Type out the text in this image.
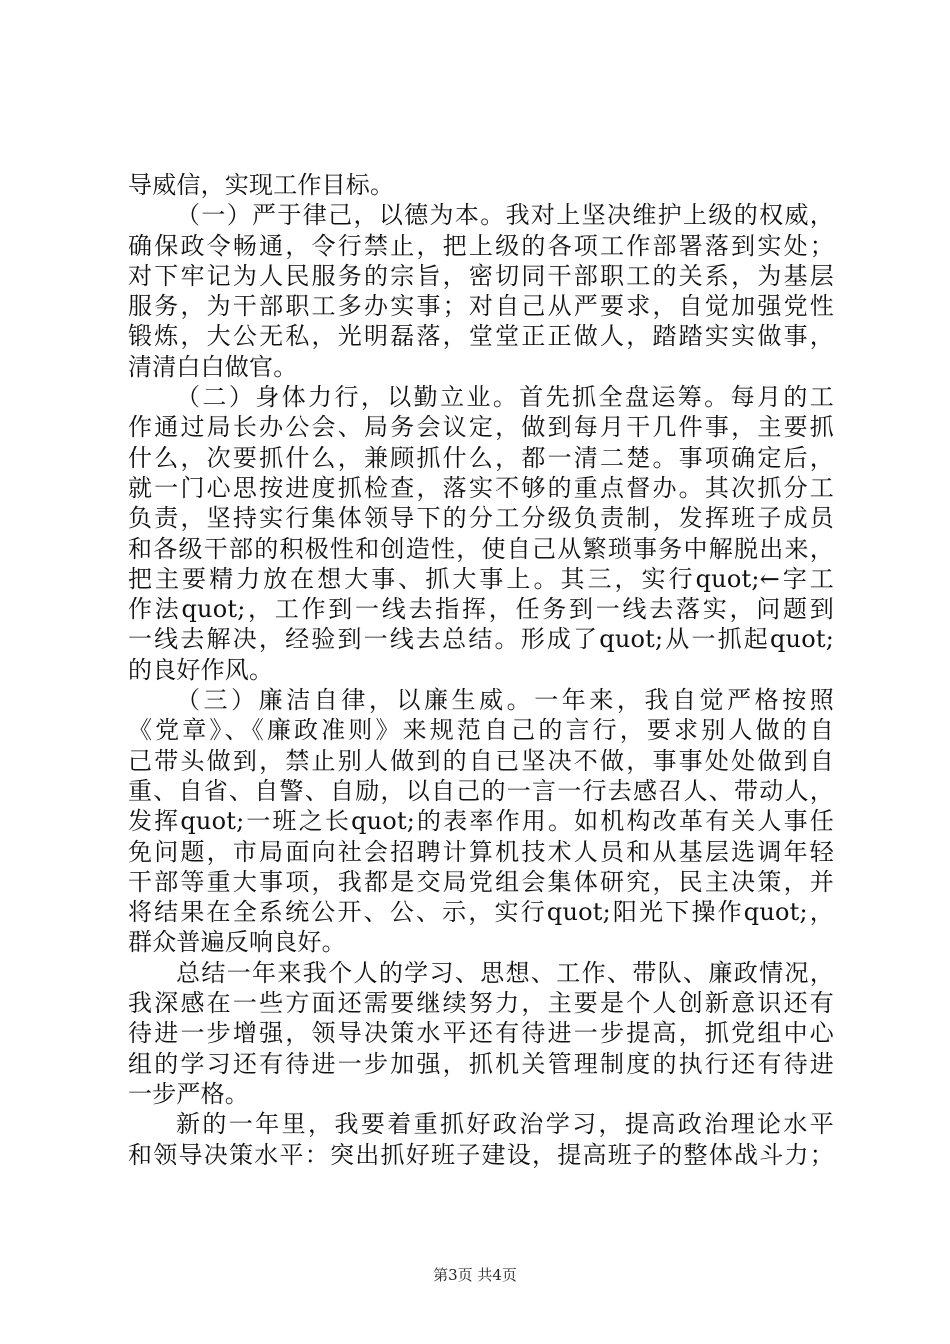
导威信，实现工作目标。
（一）严于律己，以德为本。我对上坚决维护上级的权威，
确保政令畅通，令行禁止，把上级的各项工作部署落到实处；
对下牢记为人民服务的宗旨，密切同干部职工的关系，为基层
服务，为干部职工多办实事；对自己从严要求，自觉加强党性
锻炼，大公无私，光明磊落，堂堂正正做人，踏踏实实做事，
清清白白做官。
（二）身体力行，以勤立业。首先抓全盘运筹。每月的工
作通过局长办公会、局务会议定，做到每月干几件事，主要抓
什么，次要抓什么，兼顾抓什么，都一清二楚。事项确定后，
就一门心思按进度抓检查，落实不够的重点督办。其次抓分工
负责，坚持实行集体领导下的分工分级负责制，发挥班子成员
和各级干部的积极性和创造性，使自己从繁琐事务中解脱出来，
把主要精力放在想大事、抓大事上。其三，实行quot;←字工
作法quot;，工作到一线去指挥，任务到一线去落实，问题到
一线去解决，经验到一线去总结。形成了quot;从一抓起quot;
的良好作风。
（三）廉洁自律，以廉生威。一年来，我自觉严格按照
《党章》、《廉政准则》来规范自己的言行，要求别人做的自
己带头做到，禁止别人做到的自已坚决不做，事事处处做到自
重、自省、自警、自励，以自己的一言一行去感召人、带动人，
发挥quot;一班之长quot;的表率作用。如机构改革有关人事任
免问题，市局面向社会招聘计算机技术人员和从基层选调年轻
干部等重大事项，我都是交局党组会集体研究，民主决策，并
将结果在全系统公开、公、示，实行quot;阳光下操作quot;，
群众普遍反响良好。
总结一年来我个人的学习、思想、工作、带队、廉政情况，
我深感在一些方面还需要继续努力，主要是个人创新意识还有
待进一步增强，领导决策水平还有待进一步提高，抓党组中心
组的学习还有待进一步加强，抓机关管理制度的执行还有待进
一步严格。
新的一年里，我要着重抓好政治学习，提高政治理论水平
和领导决策水平：突出抓好班子建设，提高班子的整体战斗力；
第3页 共4页
